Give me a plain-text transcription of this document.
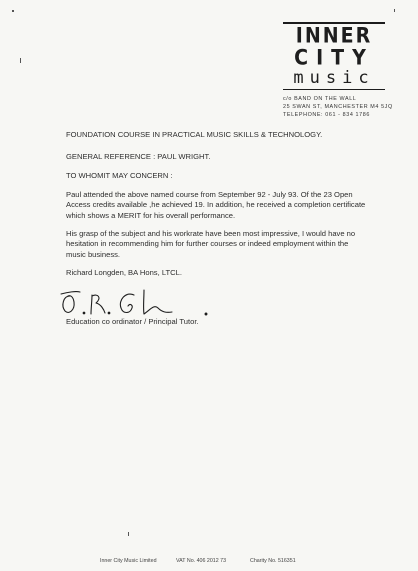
INNER
CITY
music
c/o BAND ON THE WALL
25 SWAN ST, MANCHESTER M4 5JQ
TELEPHONE: 061 - 834 1786
FOUNDATION COURSE IN PRACTICAL MUSIC SKILLS & TECHNOLOGY.
GENERAL REFERENCE : PAUL WRIGHT.
TO WHOMIT MAY CONCERN :
Paul attended the above named course from September 92 - July 93. Of the 23 Open Access credits available ,he achieved 19. In addition, he received a completion certificate which shows a MERIT for his overall performance.
His grasp of the subject and his workrate have been most impressive, I would have no hesitation in recommending him for further courses or indeed employment within the music business.
Richard Longden, BA Hons, LTCL.
Education co ordinator / Principal Tutor.
Inner City Music Limited	VAT No. 406 2012 73	Charity No. 516351
